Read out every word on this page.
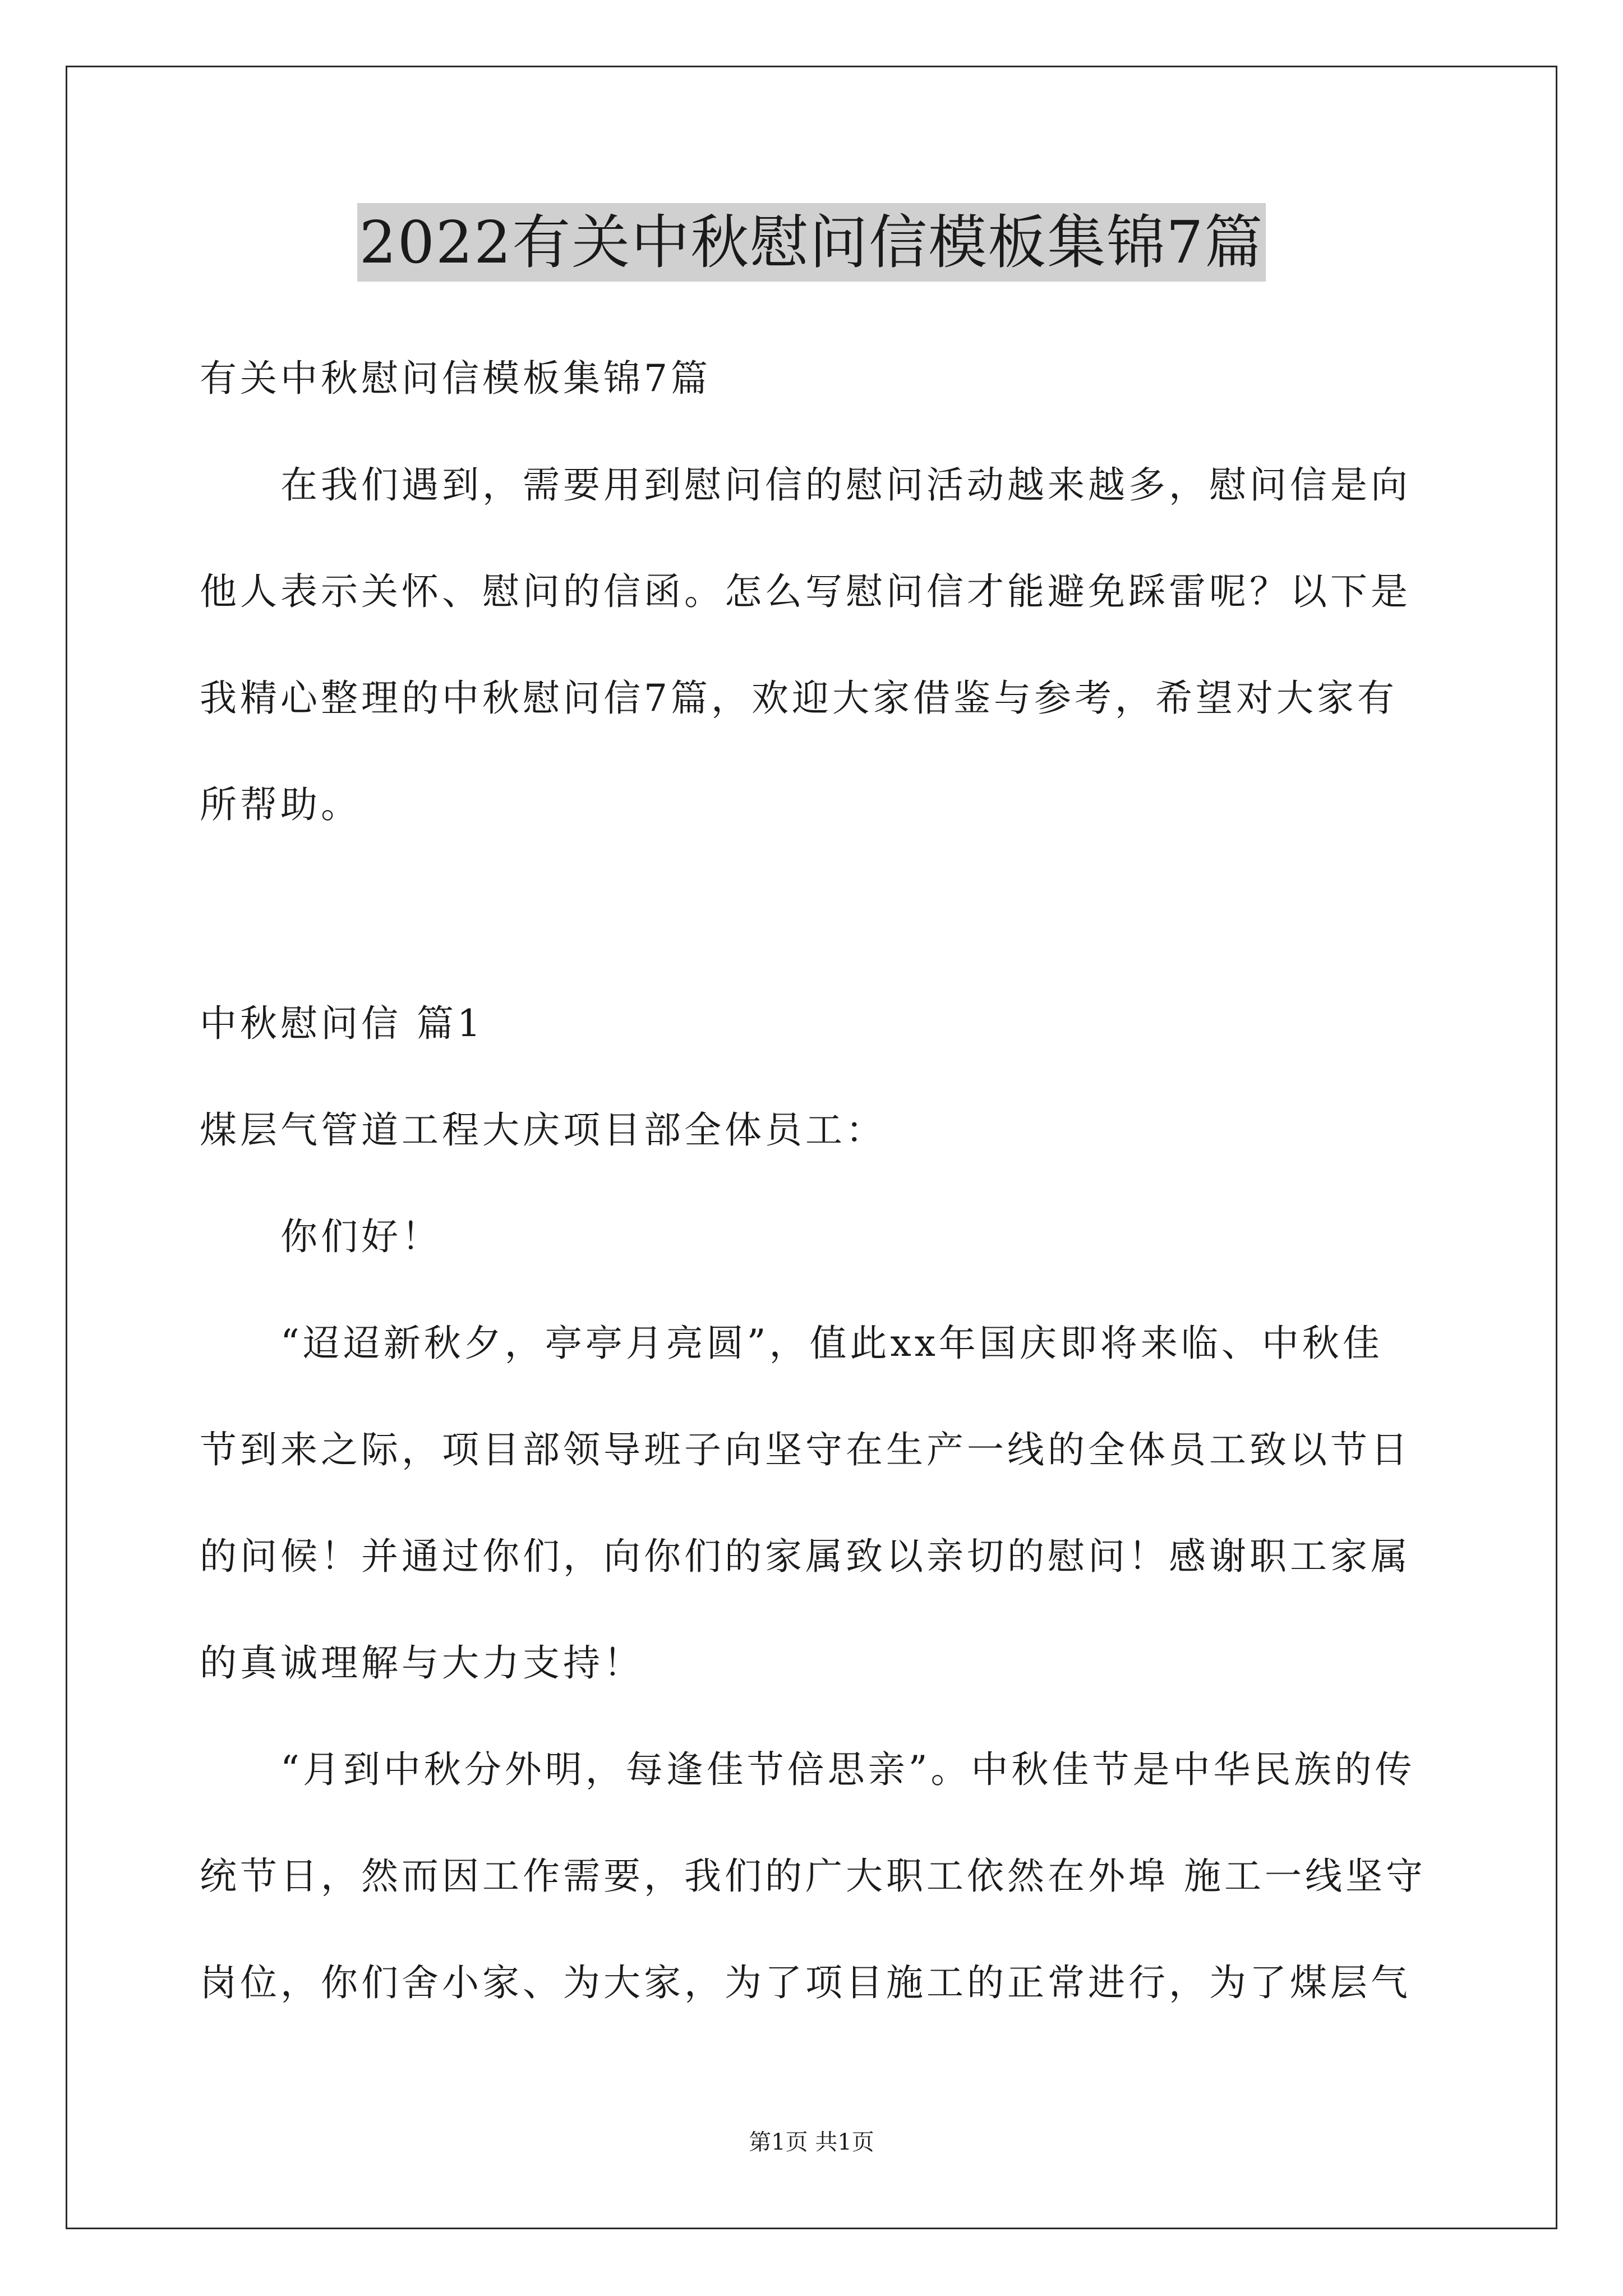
2022有关中秋慰问信模板集锦7篇
有关中秋慰问信模板集锦7篇
在我们遇到，需要用到慰问信的慰问活动越来越多，慰问信是向
他人表示关怀、慰问的信函。怎么写慰问信才能避免踩雷呢？以下是
我精心整理的中秋慰问信7篇，欢迎大家借鉴与参考，希望对大家有
所帮助。
中秋慰问信 篇1
煤层气管道工程大庆项目部全体员工：
你们好！
“迢迢新秋夕，亭亭月亮圆”，值此xx年国庆即将来临、中秋佳
节到来之际，项目部领导班子向坚守在生产一线的全体员工致以节日
的问候！并通过你们，向你们的家属致以亲切的慰问！感谢职工家属
的真诚理解与大力支持！
“月到中秋分外明，每逢佳节倍思亲”。中秋佳节是中华民族的传
统节日，然而因工作需要，我们的广大职工依然在外埠 施工一线坚守
岗位，你们舍小家、为大家，为了项目施工的正常进行，为了煤层气
第1页 共1页
